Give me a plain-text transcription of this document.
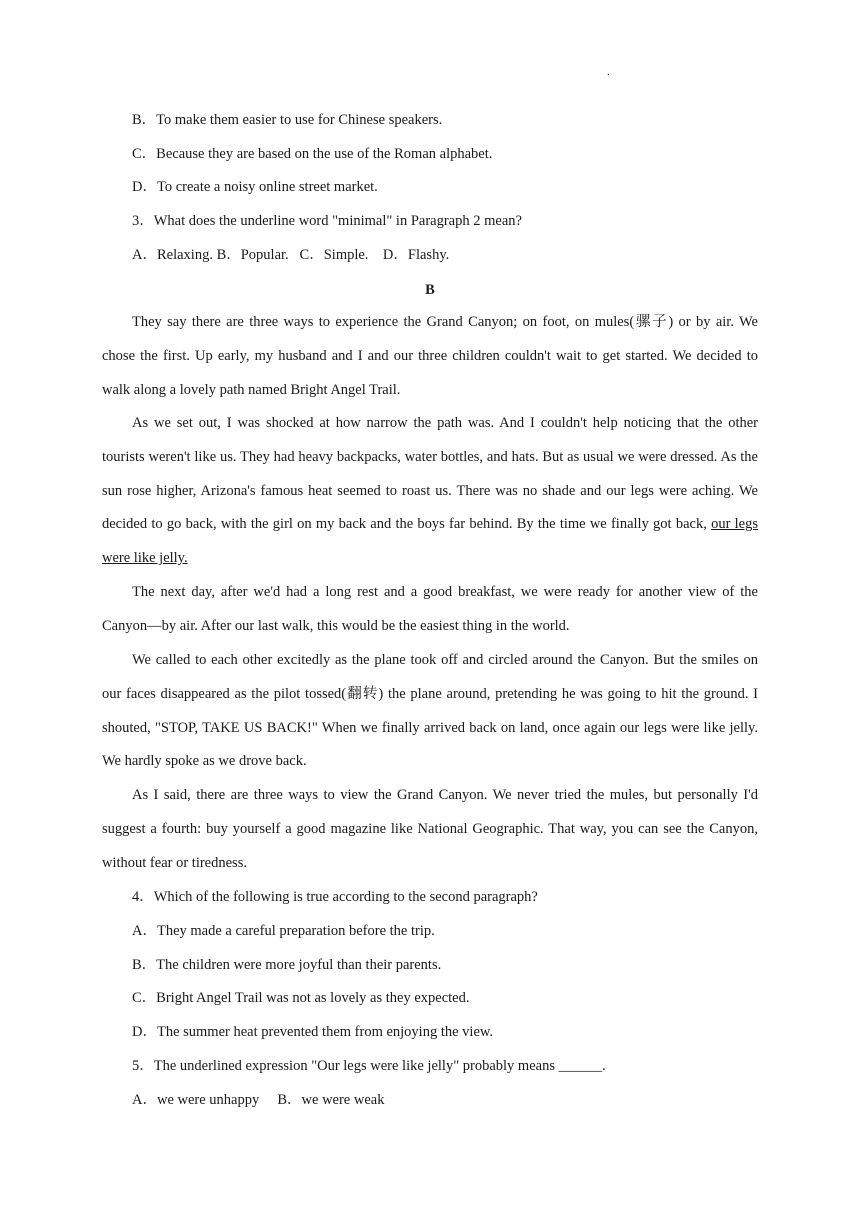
.
B．To make them easier to use for Chinese speakers.
C．Because they are based on the use of the Roman alphabet.
D．To create a noisy online street market.
3．What does the underline word "minimal" in Paragraph 2 mean?
A．Relaxing. B．Popular.   C．Simple.    D．Flashy.
B

They say there are three ways to experience the Grand Canyon; on foot, on mules(骡子) or by air. We chose the first. Up early, my husband and I and our three children couldn't wait to get started. We decided to walk along a lovely path named Bright Angel Trail.

As we set out, I was shocked at how narrow the path was. And I couldn't help noticing that the other tourists weren't like us. They had heavy backpacks, water bottles, and hats. But as usual we were dressed. As the sun rose higher, Arizona's famous heat seemed to roast us. There was no shade and our legs were aching. We decided to go back, with the girl on my back and the boys far behind. By the time we finally got back, our legs were like jelly.

The next day, after we'd had a long rest and a good breakfast, we were ready for another view of the Canyon—by air. After our last walk, this would be the easiest thing in the world.

We called to each other excitedly as the plane took off and circled around the Canyon. But the smiles on our faces disappeared as the pilot tossed(翻转) the plane around, pretending he was going to hit the ground. I shouted, "STOP, TAKE US BACK!" When we finally arrived back on land, once again our legs were like jelly. We hardly spoke as we drove back.

As I said, there are three ways to view the Grand Canyon. We never tried the mules, but personally I'd suggest a fourth: buy yourself a good magazine like National Geographic. That way, you can see the Canyon, without fear or tiredness.

4．Which of the following is true according to the second paragraph?
A．They made a careful preparation before the trip.
B．The children were more joyful than their parents.
C．Bright Angel Trail was not as lovely as they expected.
D．The summer heat prevented them from enjoying the view.
5．The underlined expression "Our legs were like jelly" probably means ______.
A．we were unhappy     B．we were weak
